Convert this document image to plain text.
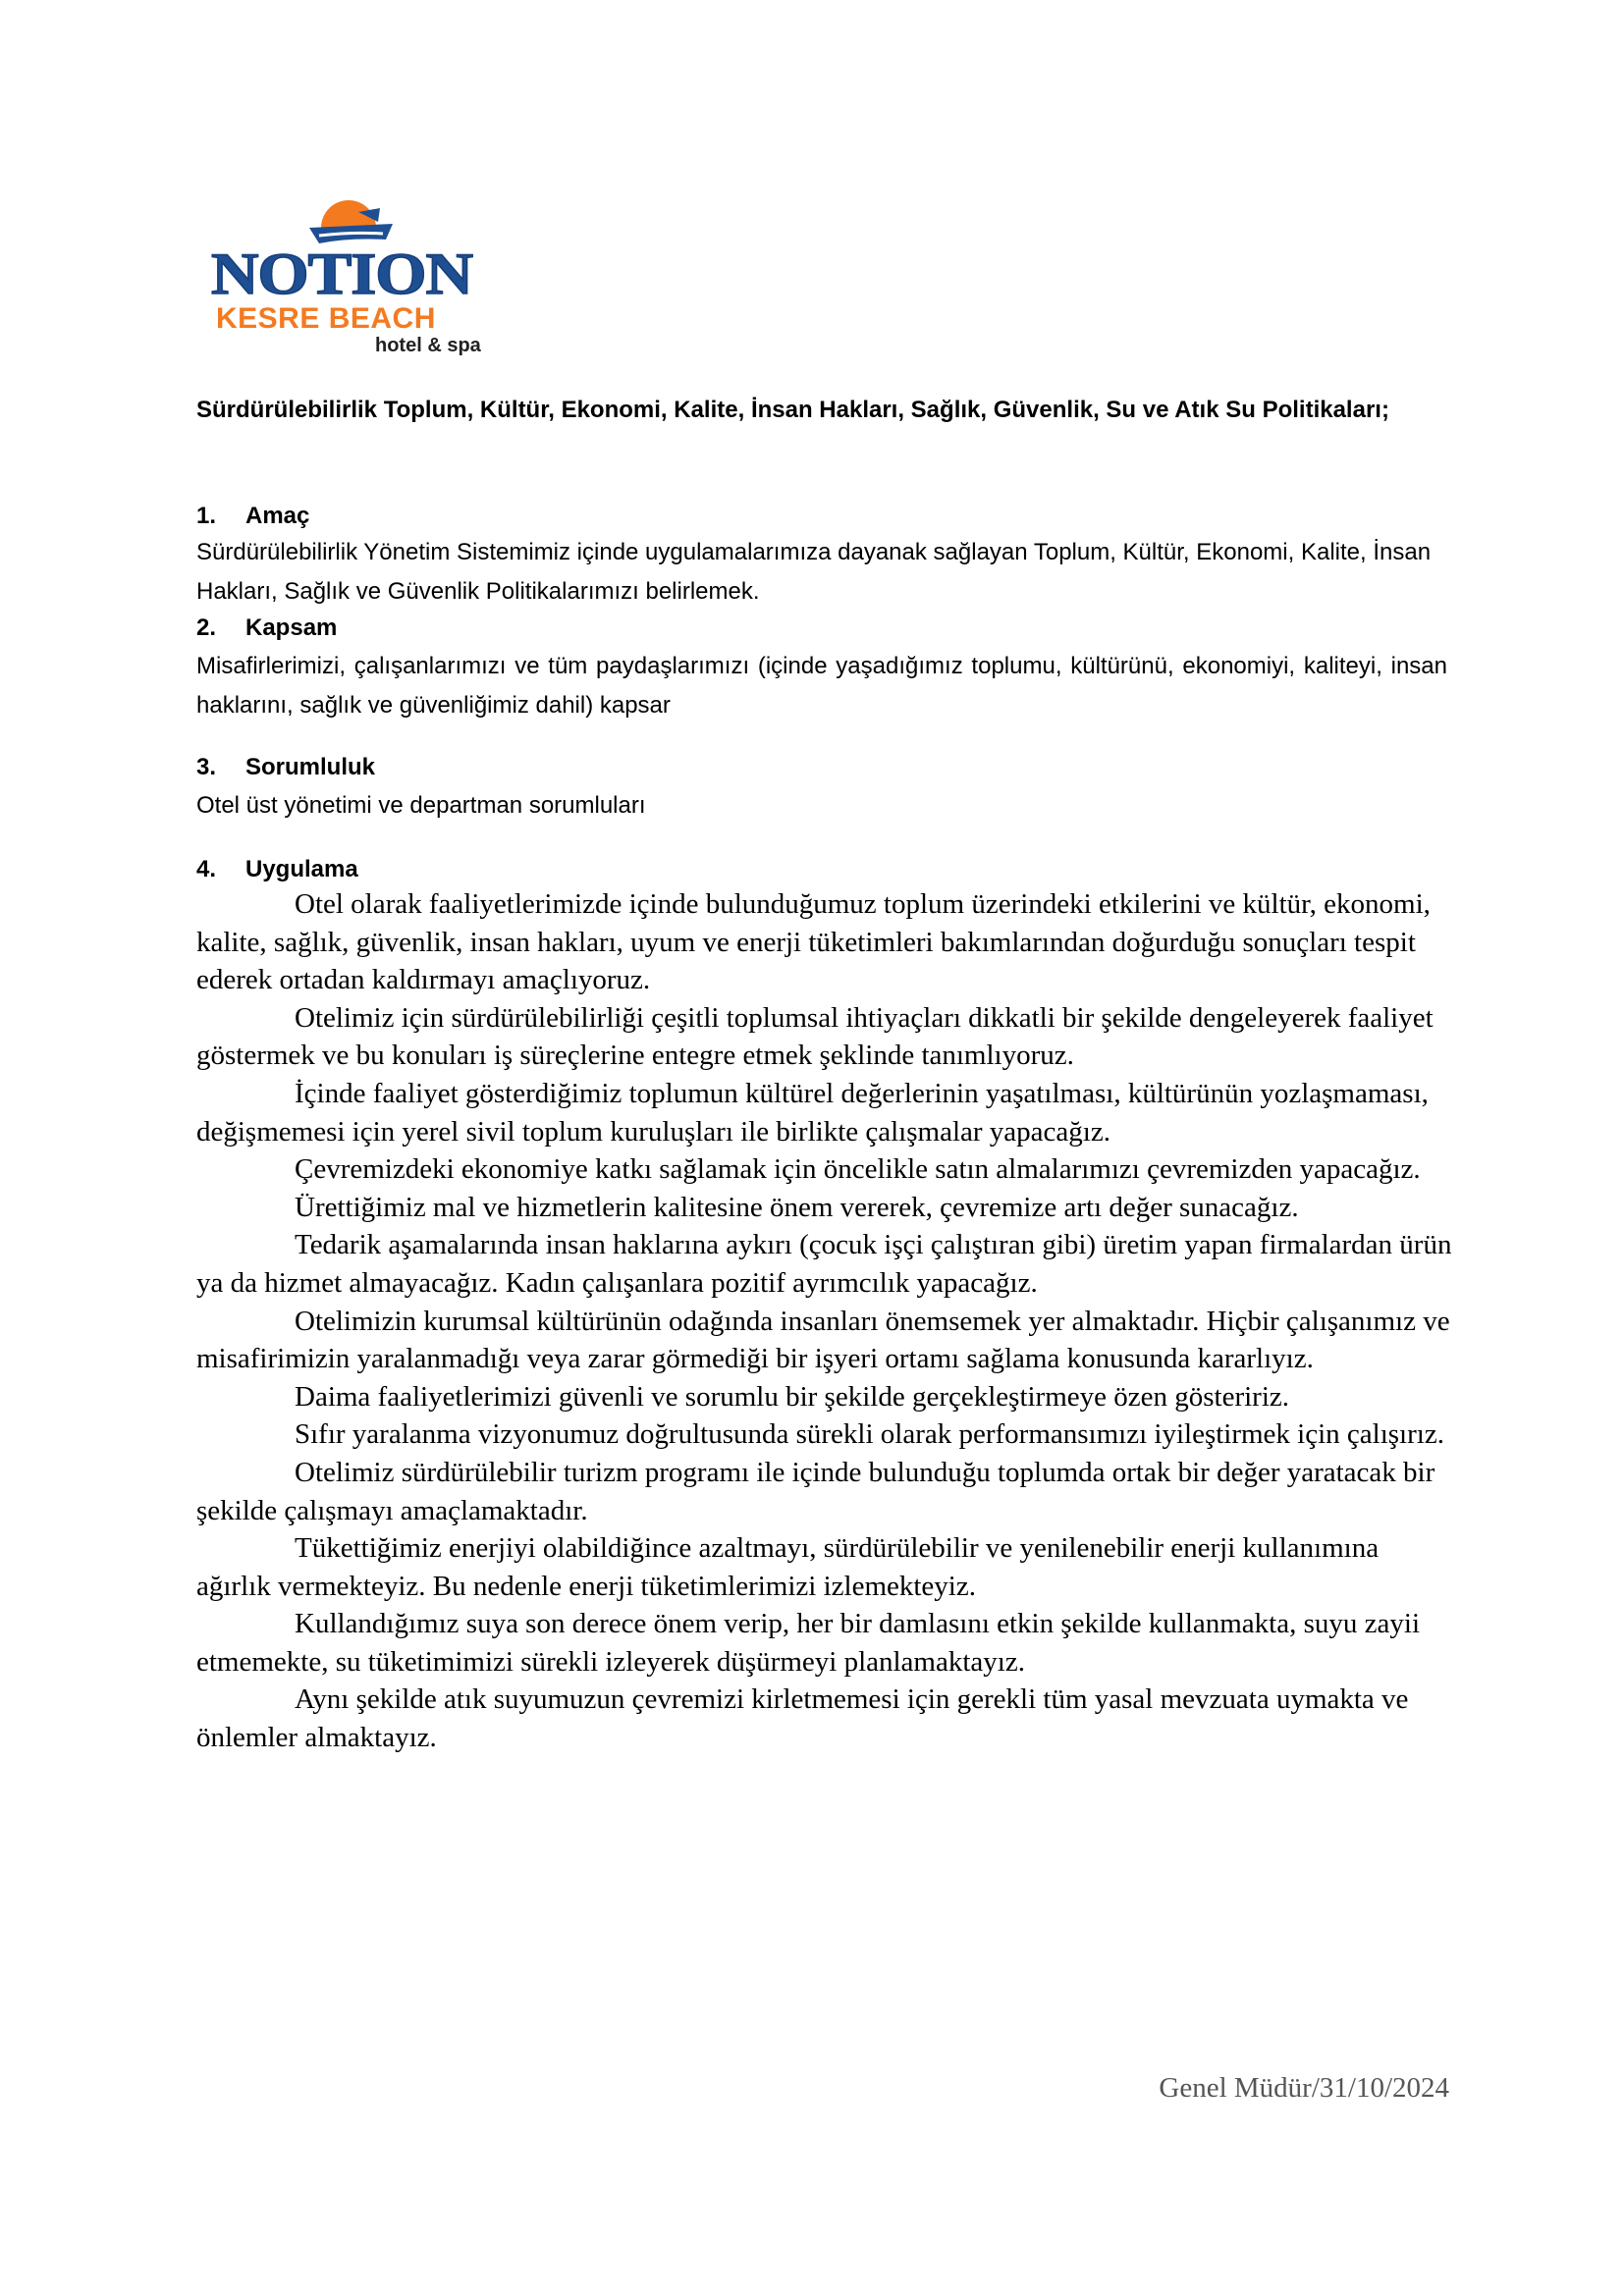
NOTION
KESRE BEACH
hotel & spa
Sürdürülebilirlik Toplum, Kültür, Ekonomi, Kalite, İnsan Hakları, Sağlık, Güvenlik, Su ve Atık Su Politikaları;
1. Amaç
Sürdürülebilirlik Yönetim Sistemimiz içinde uygulamalarımıza dayanak sağlayan Toplum, Kültür, Ekonomi, Kalite, İnsan Hakları, Sağlık ve Güvenlik Politikalarımızı belirlemek.
2. Kapsam
Misafirlerimizi, çalışanlarımızı ve tüm paydaşlarımızı (içinde yaşadığımız toplumu, kültürünü, ekonomiyi, kaliteyi, insan haklarını, sağlık ve güvenliğimiz dahil) kapsar
3. Sorumluluk
Otel üst yönetimi ve departman sorumluları
4. Uygulama

Otel olarak faaliyetlerimizde içinde bulunduğumuz toplum üzerindeki etkilerini ve kültür, ekonomi, kalite, sağlık, güvenlik, insan hakları, uyum ve enerji tüketimleri bakımlarından doğurduğu sonuçları tespit ederek ortadan kaldırmayı amaçlıyoruz.

Otelimiz için sürdürülebilirliği çeşitli toplumsal ihtiyaçları dikkatli bir şekilde dengeleyerek faaliyet göstermek ve bu konuları iş süreçlerine entegre etmek şeklinde tanımlıyoruz.

İçinde faaliyet gösterdiğimiz toplumun kültürel değerlerinin yaşatılması, kültürünün yozlaşmaması, değişmemesi için yerel sivil toplum kuruluşları ile birlikte çalışmalar yapacağız.

Çevremizdeki ekonomiye katkı sağlamak için öncelikle satın almalarımızı çevremizden yapacağız.

Ürettiğimiz mal ve hizmetlerin kalitesine önem vererek, çevremize artı değer sunacağız.

Tedarik aşamalarında insan haklarına aykırı (çocuk işçi çalıştıran gibi) üretim yapan firmalardan ürün ya da hizmet almayacağız. Kadın çalışanlara pozitif ayrımcılık yapacağız.

Otelimizin kurumsal kültürünün odağında insanları önemsemek yer almaktadır. Hiçbir çalışanımız ve misafirimizin yaralanmadığı veya zarar görmediği bir işyeri ortamı sağlama konusunda kararlıyız.

Daima faaliyetlerimizi güvenli ve sorumlu bir şekilde gerçekleştirmeye özen gösteririz.

Sıfır yaralanma vizyonumuz doğrultusunda sürekli olarak performansımızı iyileştirmek için çalışırız.

Otelimiz sürdürülebilir turizm programı ile içinde bulunduğu toplumda ortak bir değer yaratacak bir şekilde çalışmayı amaçlamaktadır.

Tükettiğimiz enerjiyi olabildiğince azaltmayı, sürdürülebilir ve yenilenebilir enerji kullanımına ağırlık vermekteyiz. Bu nedenle enerji tüketimlerimizi izlemekteyiz.

Kullandığımız suya son derece önem verip, her bir damlasını etkin şekilde kullanmakta, suyu zayii etmemekte, su tüketimimizi sürekli izleyerek düşürmeyi planlamaktayız.

Aynı şekilde atık suyumuzun çevremizi kirletmemesi için gerekli tüm yasal mevzuata uymakta ve önlemler almaktayız.

Genel Müdür/31/10/2024
